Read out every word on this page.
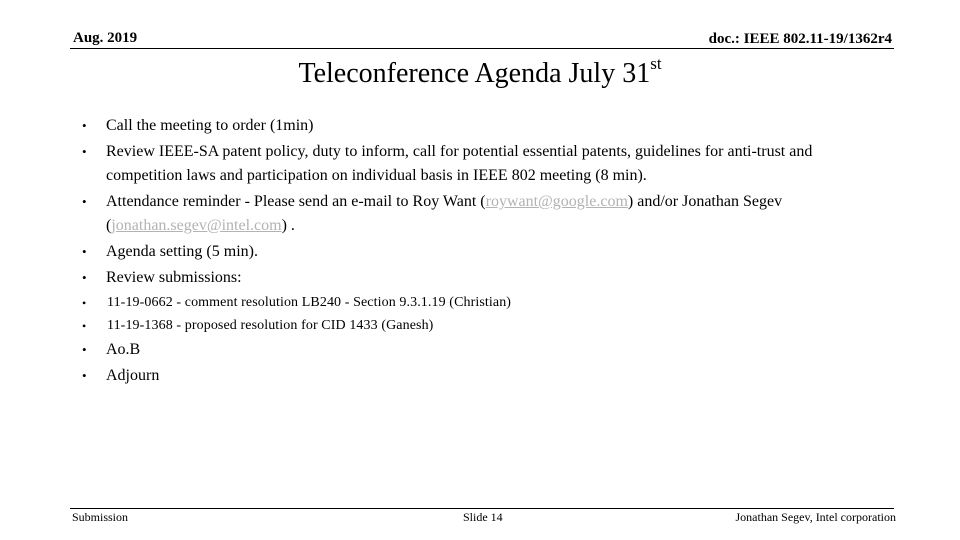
Aug. 2019	doc.: IEEE 802.11-19/1362r4
Teleconference Agenda July 31st
• Call the meeting to order (1min)
• Review IEEE-SA patent policy, duty to inform, call for potential essential patents, guidelines for anti-trust and competition laws and participation on individual basis in IEEE 802 meeting (8 min).
• Attendance reminder - Please send an e-mail to Roy Want (roywant@google.com) and/or Jonathan Segev (jonathan.segev@intel.com) .
• Agenda setting (5 min).
• Review submissions:
• 11-19-0662 - comment resolution LB240 - Section 9.3.1.19 (Christian)
• 11-19-1368 - proposed resolution for CID 1433 (Ganesh)
• Ao.B
• Adjourn
Submission	Slide 14	Jonathan Segev, Intel corporation
